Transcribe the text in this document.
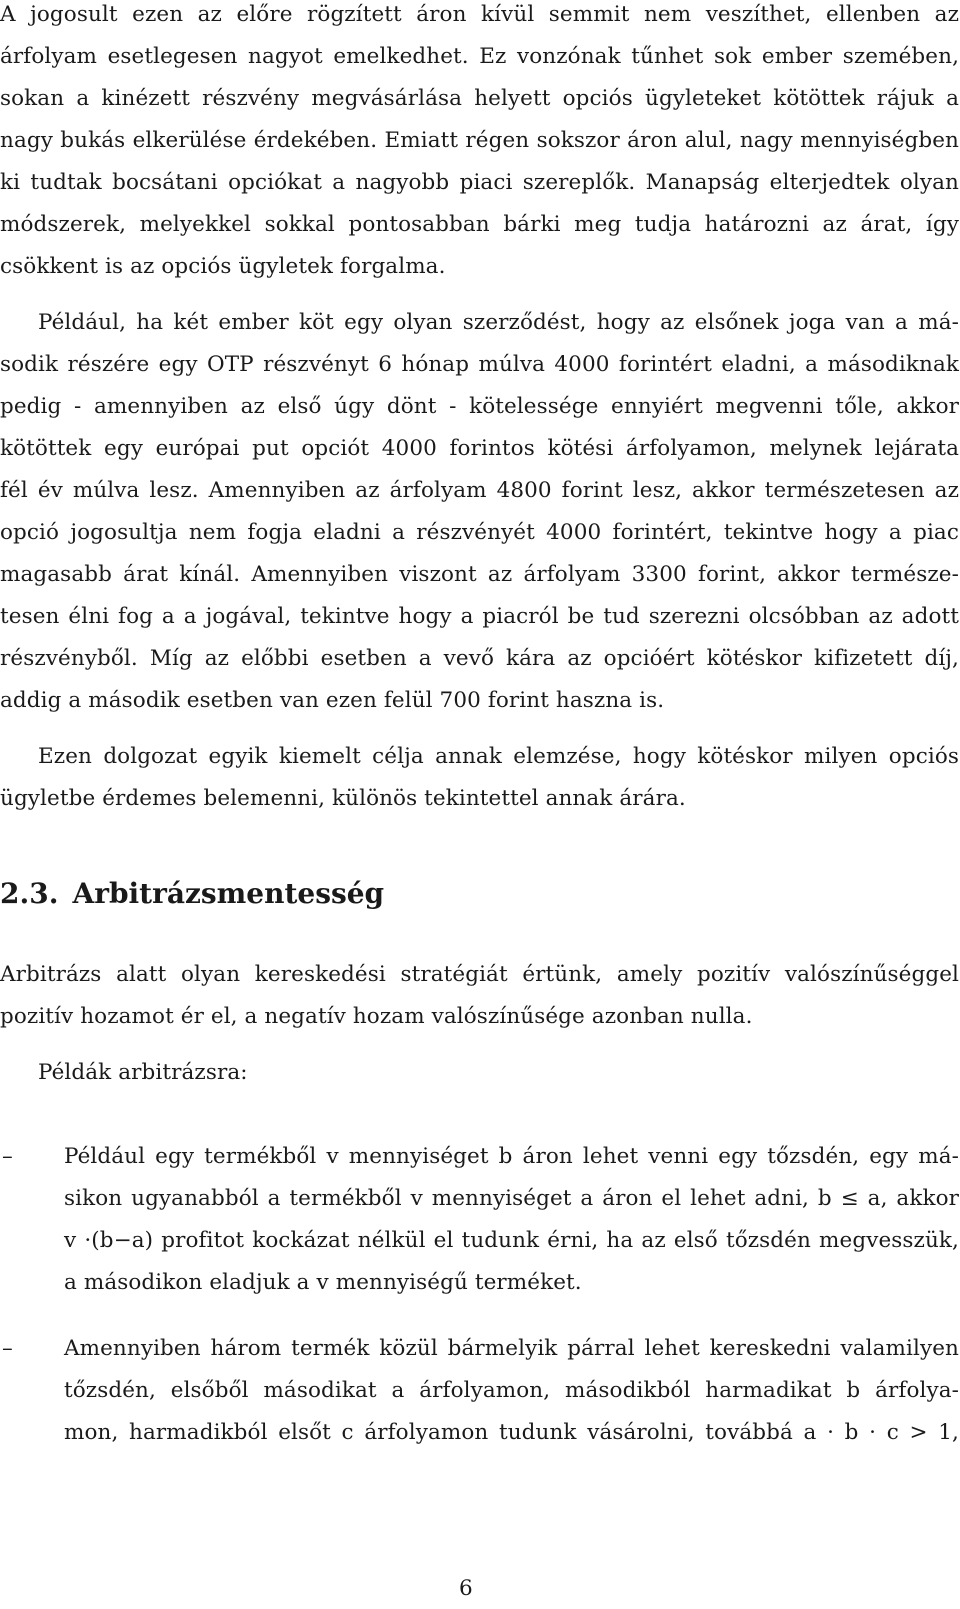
A jogosult ezen az előre rögzített áron kívül semmit nem veszíthet, ellenben az
árfolyam esetlegesen nagyot emelkedhet. Ez vonzónak tűnhet sok ember szemében,
sokan a kinézett részvény megvásárlása helyett opciós ügyleteket kötöttek rájuk a
nagy bukás elkerülése érdekében. Emiatt régen sokszor áron alul, nagy mennyiségben
ki tudtak bocsátani opciókat a nagyobb piaci szereplők. Manapság elterjedtek olyan
módszerek, melyekkel sokkal pontosabban bárki meg tudja határozni az árat, így
csökkent is az opciós ügyletek forgalma.
Például, ha két ember köt egy olyan szerződést, hogy az elsőnek joga van a má-
sodik részére egy OTP részvényt 6 hónap múlva 4000 forintért eladni, a másodiknak
pedig - amennyiben az első úgy dönt - kötelessége ennyiért megvenni tőle, akkor
kötöttek egy európai put opciót 4000 forintos kötési árfolyamon, melynek lejárata
fél év múlva lesz. Amennyiben az árfolyam 4800 forint lesz, akkor természetesen az
opció jogosultja nem fogja eladni a részvényét 4000 forintért, tekintve hogy a piac
magasabb árat kínál. Amennyiben viszont az árfolyam 3300 forint, akkor természe-
tesen élni fog a a jogával, tekintve hogy a piacról be tud szerezni olcsóbban az adott
részvényből. Míg az előbbi esetben a vevő kára az opcióért kötéskor kifizetett díj,
addig a második esetben van ezen felül 700 forint haszna is.
Ezen dolgozat egyik kiemelt célja annak elemzése, hogy kötéskor milyen opciós
ügyletbe érdemes belemenni, különös tekintettel annak árára.
2.3. Arbitrázsmentesség
Arbitrázs alatt olyan kereskedési stratégiát értünk, amely pozitív valószínűséggel
pozitív hozamot ér el, a negatív hozam valószínűsége azonban nulla.
Példák arbitrázsra:
– Például egy termékből v mennyiséget b áron lehet venni egy tőzsdén, egy má-
sikon ugyanabból a termékből v mennyiséget a áron el lehet adni, b ≤ a, akkor
v ·(b−a) profitot kockázat nélkül el tudunk érni, ha az első tőzsdén megvesszük,
a másodikon eladjuk a v mennyiségű terméket.
– Amennyiben három termék közül bármelyik párral lehet kereskedni valamilyen
tőzsdén, elsőből másodikat a árfolyamon, másodikból harmadikat b árfolya-
mon, harmadikból elsőt c árfolyamon tudunk vásárolni, továbbá a · b · c > 1,
6
